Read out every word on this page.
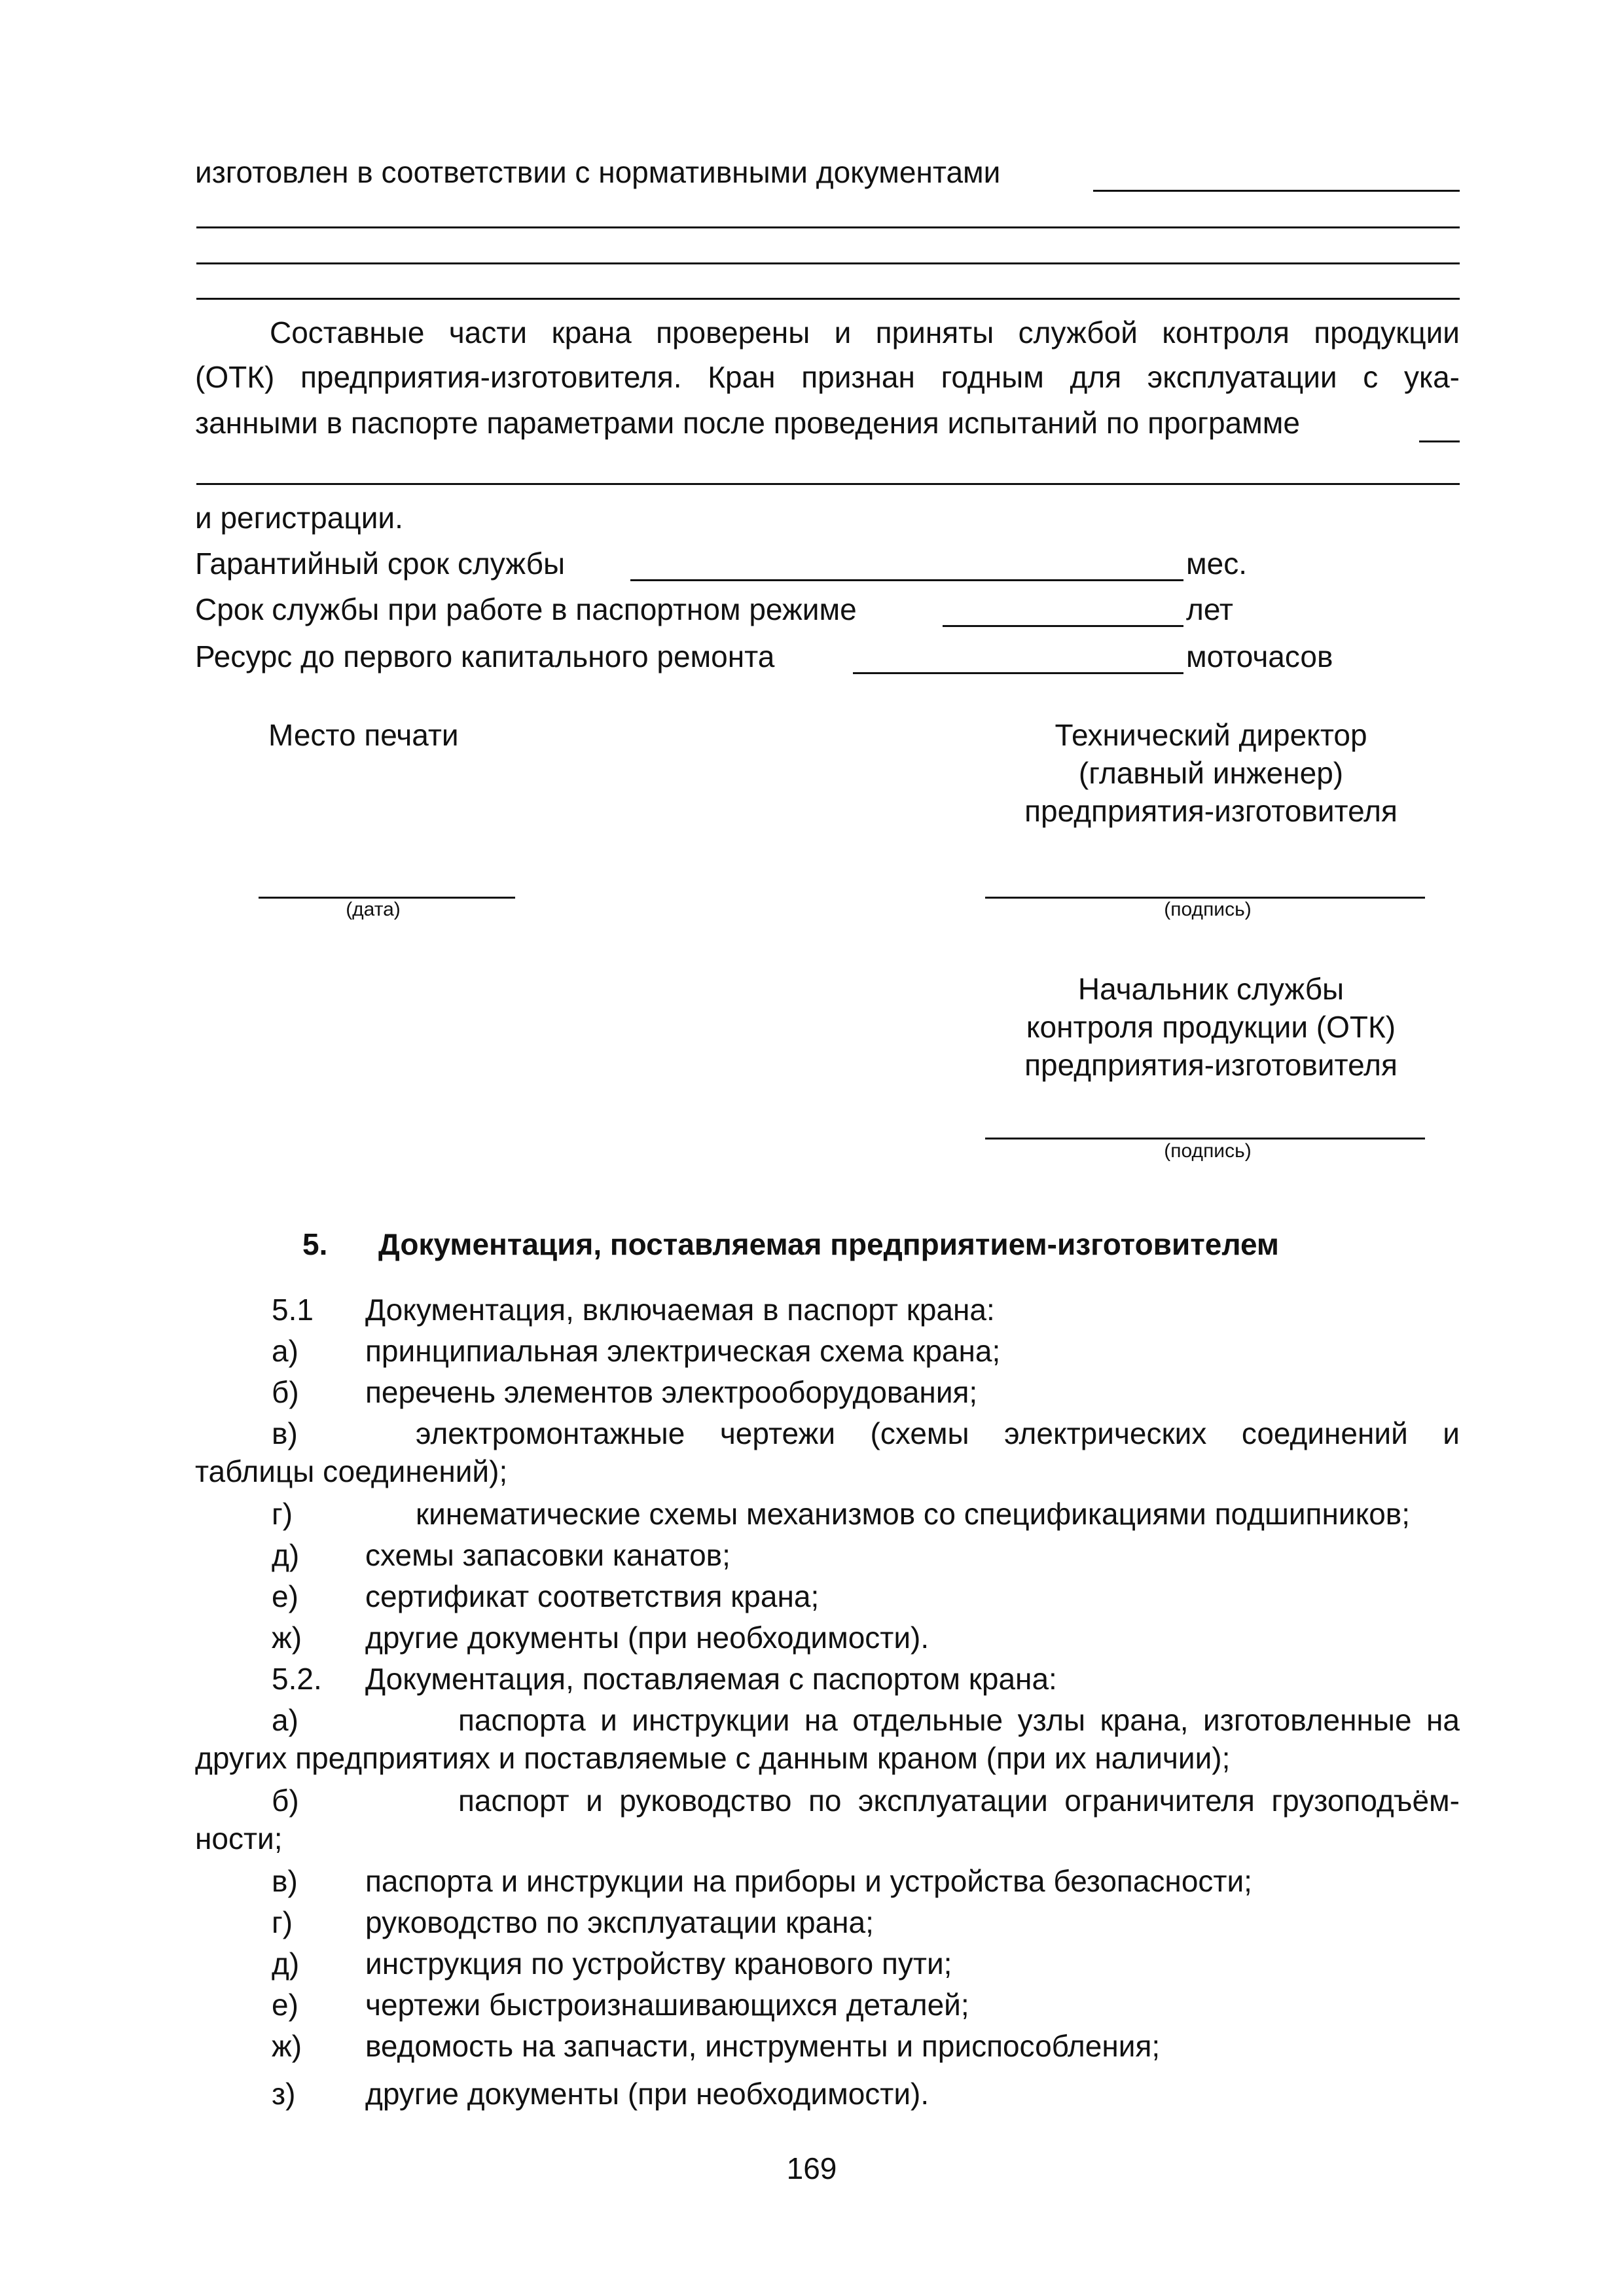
изготовлен в соответствии с нормативными документами
Составные части крана проверены и приняты службой контроля продукции
(ОТК) предприятия-изготовителя. Кран признан годным для эксплуатации с ука-
занными в паспорте параметрами после проведения испытаний по программе
и регистрации.
Гарантийный срок службы	мес.
Срок службы при работе в паспортном режиме	лет
Ресурс до первого капитального ремонта	моточасов
Место печати	Технический директор
(главный инженер)
предприятия-изготовителя
(дата)	(подпись)
Начальник службы
контроля продукции (ОТК)
предприятия-изготовителя
(подпись)
5. Документация, поставляемая предприятием-изготовителем
5.1 Документация, включаемая в паспорт крана:
а) принципиальная электрическая схема крана;
б) перечень элементов электрооборудования;
в)	электромонтажные чертежи (схемы электрических соединений и
таблицы соединений);
г)	кинематические схемы механизмов со спецификациями подшипников;
д) схемы запасовки канатов;
е) сертификат соответствия крана;
ж) другие документы (при необходимости).
5.2. Документация, поставляемая с паспортом крана:
а)	паспорта и инструкции на отдельные узлы крана, изготовленные на
других предприятиях и поставляемые с данным краном (при их наличии);
б)	паспорт и руководство по эксплуатации ограничителя грузоподъём-
ности;
в) паспорта и инструкции на приборы и устройства безопасности;
г) руководство по эксплуатации крана;
д) инструкция по устройству кранового пути;
е) чертежи быстроизнашивающихся деталей;
ж) ведомость на запчасти, инструменты и приспособления;
з) другие документы (при необходимости).
169
